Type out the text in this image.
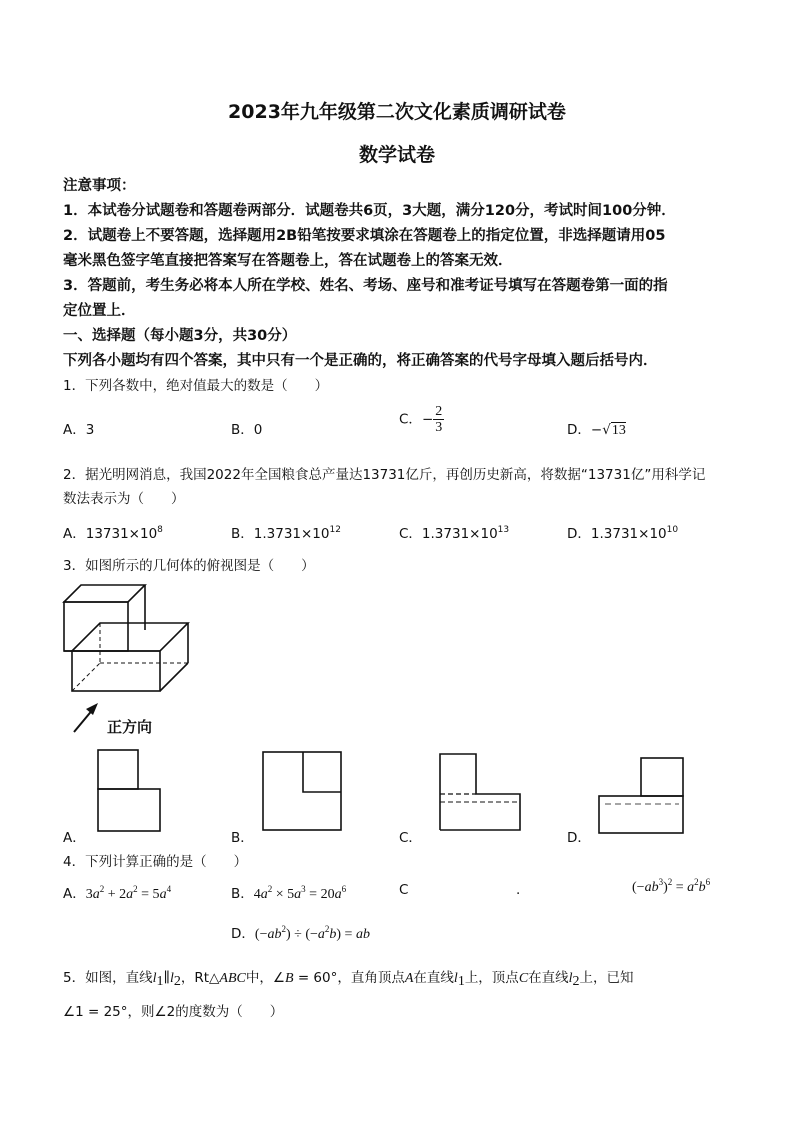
2023年九年级第二次文化素质调研试卷
数学试卷
注意事项：
1．本试卷分试题卷和答题卷两部分．试题卷共6页，3大题，满分120分，考试时间100分钟．
2．试题卷上不要答题，选择题用2B铅笔按要求填涂在答题卷上的指定位置，非选择题请用05
毫米黑色签字笔直接把答案写在答题卷上，答在试题卷上的答案无效．
3．答题前，考生务必将本人所在学校、姓名、考场、座号和准考证号填写在答题卷第一面的指
定位置上．
一、选择题（每小题3分，共30分）
下列各小题均有四个答案，其中只有一个是正确的，将正确答案的代号字母填入题后括号内．
1．下列各数中，绝对值最大的数是（　　）
A．3	B．0
C．− $\frac{2}{3}$	D．−√13
2．据光明网消息，我国2022年全国粮食总产量达13731亿斤，再创历史新高，将数据“13731亿”用科学记
数法表示为（　　）
A．$13731\times 10^8$	B．$1.3731\times 10^{12}$	C．$1.3731\times 10^{13}$	D．$1.3731\times 10^{10}$
3．如图所示的几何体的俯视图是（　　）
正方向
A．	B．	C．	D．
4．下列计算正确的是（　　）
A．$3a^2 + 2a^2 = 5a^4$	B．$4a^2 \times 5a^3 = 20a^6$	C	.	$(-ab^3)^2 = a^2b^6$
D．$(-ab^2) \div (-a^2b)$ = ab
5．如图，直线$l_1\parallel l_2$，Rt△ABC中，∠B = 60°，直角顶点A在直线$l_1$上，顶点C在直线$l_2$上，已知
∠1 = 25°，则∠2的度数为（　　）
